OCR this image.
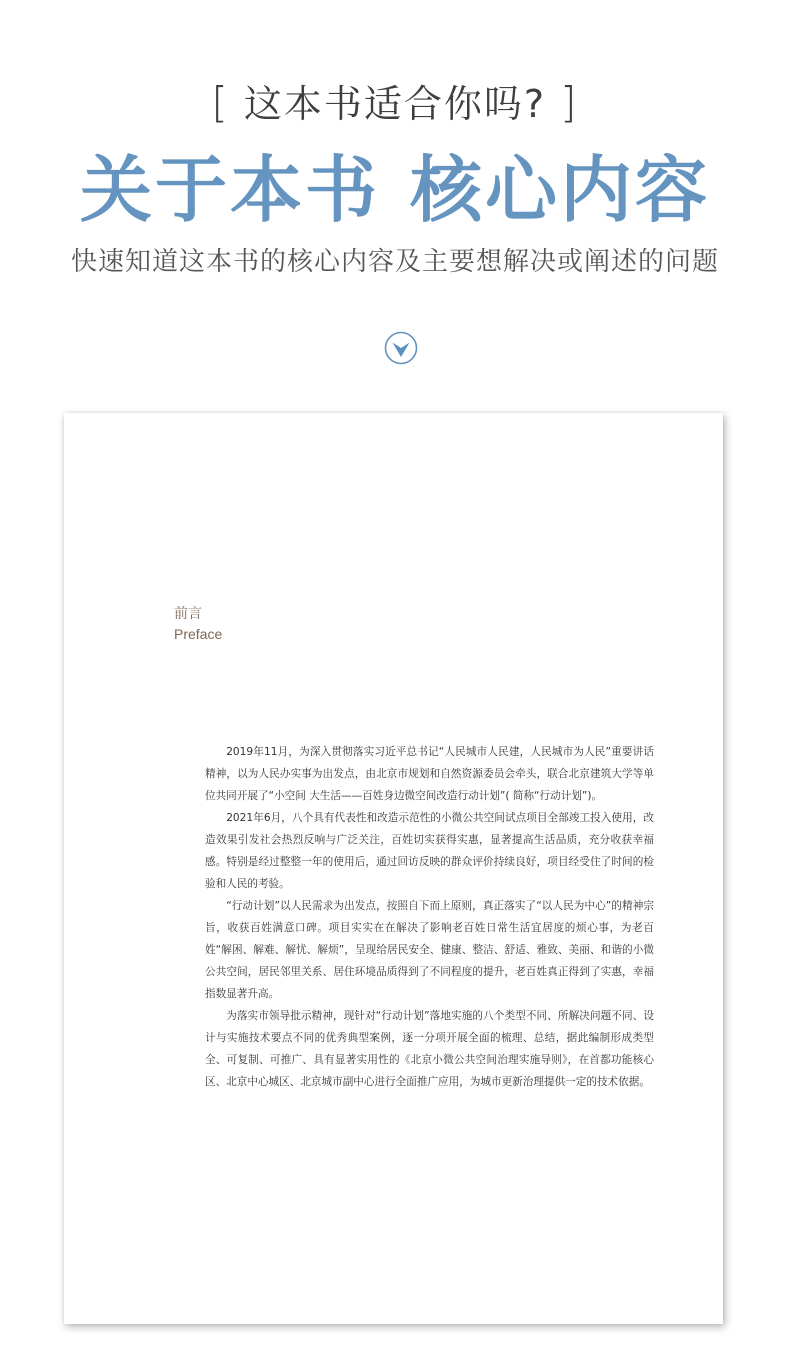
[ 这本书适合你吗? ]
关于本书 核心内容
快速知道这本书的核心内容及主要想解决或阐述的问题
前言
Preface

2019年11月，为深入贯彻落实习近平总书记“人民城市人民建，人民城市为人民”重要讲话精神，以为人民办实事为出发点，由北京市规划和自然资源委员会牵头，联合北京建筑大学等单位共同开展了“小空间 大生活——百姓身边微空间改造行动计划”( 简称“行动计划”)。

2021年6月，八个具有代表性和改造示范性的小微公共空间试点项目全部竣工投入使用，改造效果引发社会热烈反响与广泛关注，百姓切实获得实惠，显著提高生活品质，充分收获幸福感。特别是经过整整一年的使用后，通过回访反映的群众评价持续良好，项目经受住了时间的检验和人民的考验。

“行动计划”以人民需求为出发点，按照自下而上原则，真正落实了“以人民为中心”的精神宗旨，收获百姓满意口碑。项目实实在在解决了影响老百姓日常生活宜居度的烦心事，为老百姓“解困、解难、解忧、解烦”，呈现给居民安全、健康、整洁、舒适、雅致、美丽、和谐的小微公共空间，居民邻里关系、居住环境品质得到了不同程度的提升，老百姓真正得到了实惠，幸福指数显著升高。

为落实市领导批示精神，现针对“行动计划”落地实施的八个类型不同、所解决问题不同、设计与实施技术要点不同的优秀典型案例，逐一分项开展全面的梳理、总结，据此编制形成类型全、可复制、可推广、具有显著实用性的《北京小微公共空间治理实施导则》，在首都功能核心区、北京中心城区、北京城市副中心进行全面推广应用，为城市更新治理提供一定的技术依据。
